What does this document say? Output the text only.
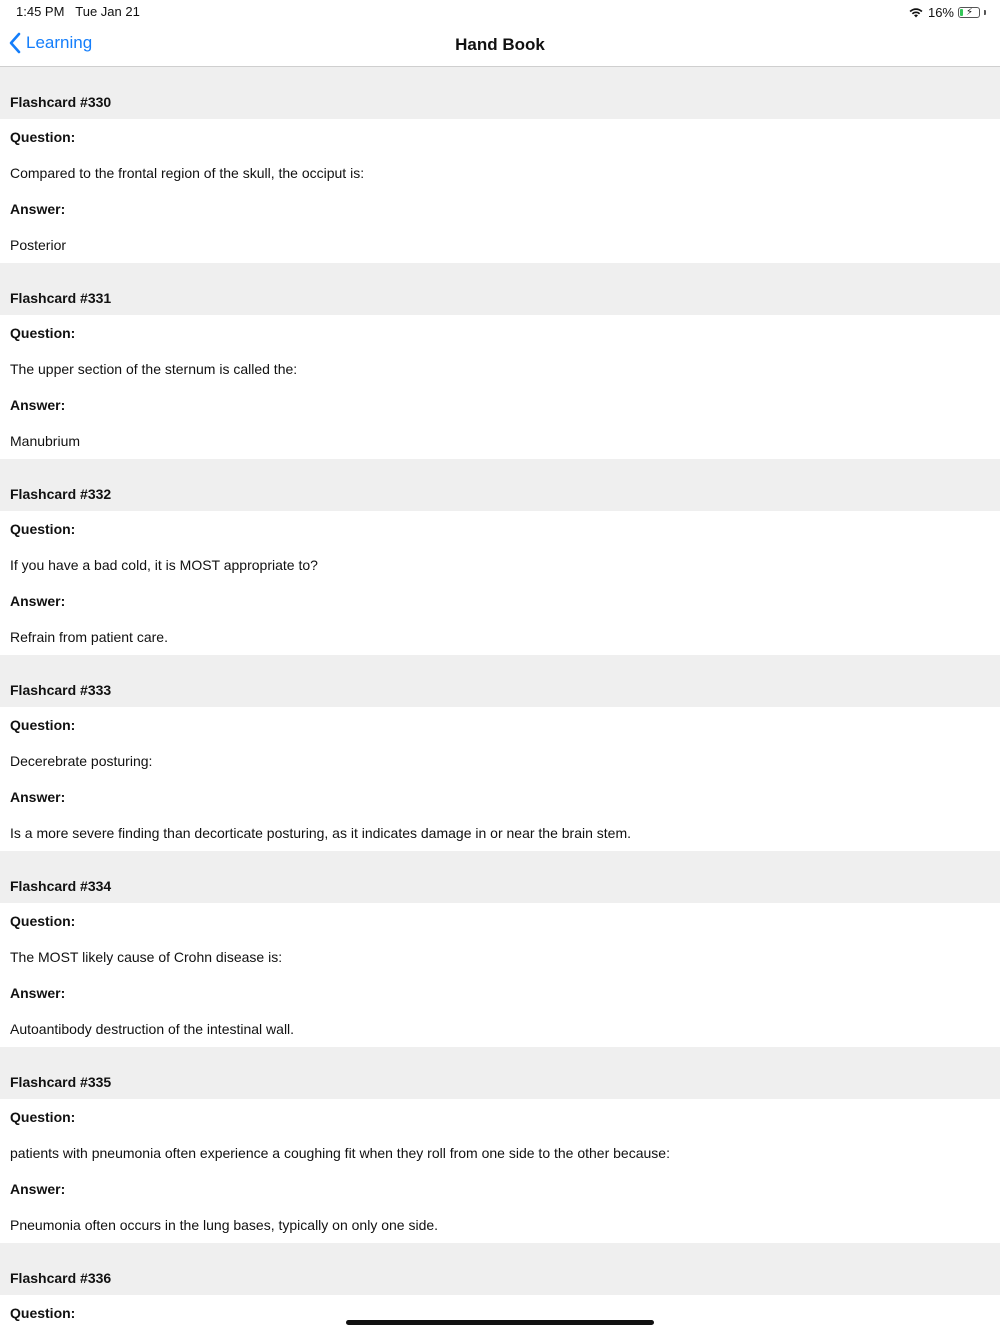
1:45 PM Tue Jan 21	16% ⚡
Learning	Hand Book
Flashcard #330
Question:
Compared to the frontal region of the skull, the occiput is:
Answer:
Posterior
Flashcard #331
Question:
The upper section of the sternum is called the:
Answer:
Manubrium
Flashcard #332
Question:
If you have a bad cold, it is MOST appropriate to?
Answer:
Refrain from patient care.
Flashcard #333
Question:
Decerebrate posturing:
Answer:
Is a more severe finding than decorticate posturing, as it indicates damage in or near the brain stem.
Flashcard #334
Question:
The MOST likely cause of Crohn disease is:
Answer:
Autoantibody destruction of the intestinal wall.
Flashcard #335
Question:
patients with pneumonia often experience a coughing fit when they roll from one side to the other because:
Answer:
Pneumonia often occurs in the lung bases, typically on only one side.
Flashcard #336
Question:
